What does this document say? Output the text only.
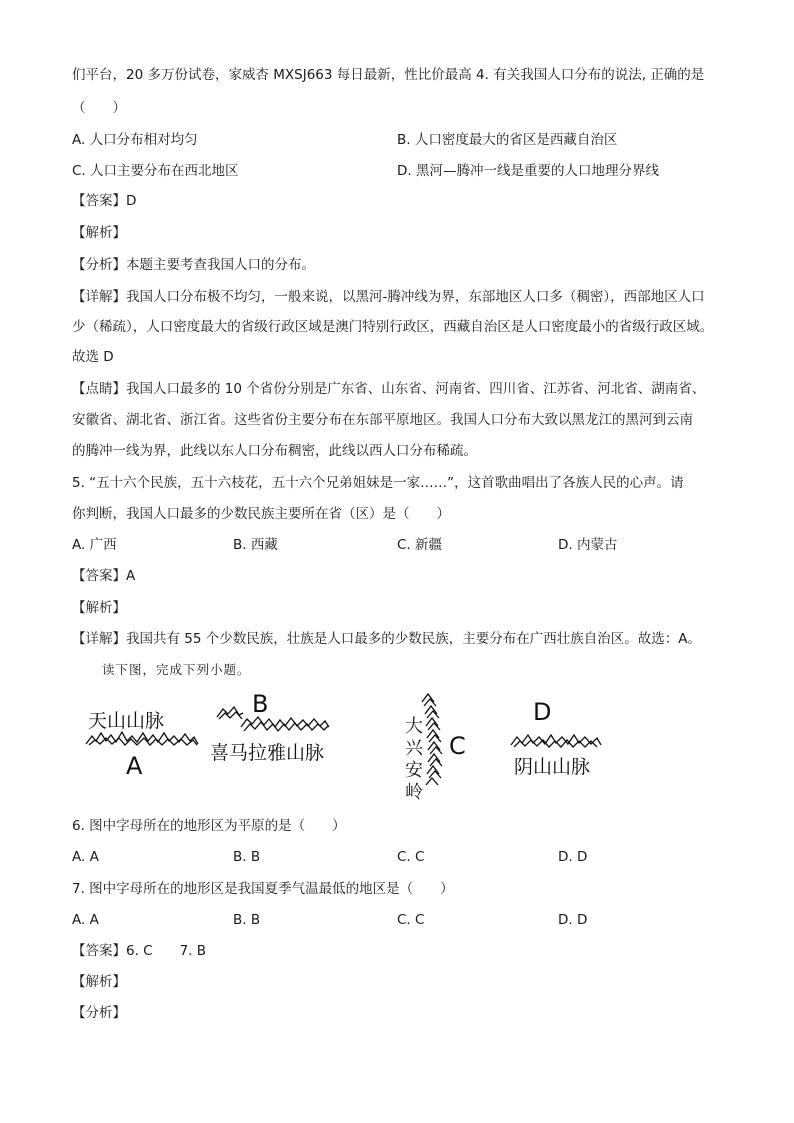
们平台，20 多万份试卷，家威杏 MXSJ663 每日最新，性比价最高 4. 有关我国人口分布的说法, 正确的是
（　　）
A. 人口分布相对均匀	B. 人口密度最大的省区是西藏自治区
C. 人口主要分布在西北地区	D. 黑河—腾冲一线是重要的人口地理分界线
【答案】D
【解析】
【分析】本题主要考查我国人口的分布。
【详解】我国人口分布极不均匀，一般来说，以黑河-腾冲线为界，东部地区人口多（稠密），西部地区人口
少（稀疏），人口密度最大的省级行政区域是澳门特别行政区，西藏自治区是人口密度最小的省级行政区域。
故选 D
【点睛】我国人口最多的 10 个省份分别是广东省、山东省、河南省、四川省、江苏省、河北省、湖南省、
安徽省、湖北省、浙江省。这些省份主要分布在东部平原地区。我国人口分布大致以黑龙江的黑河到云南
的腾冲一线为界，此线以东人口分布稠密，此线以西人口分布稀疏。
5. “五十六个民族，五十六枝花，五十六个兄弟姐妹是一家……”，这首歌曲唱出了各族人民的心声。请
你判断，我国人口最多的少数民族主要所在省（区）是（　　）
A. 广西	B. 西藏	C. 新疆	D. 内蒙古
【答案】A
【解析】
【详解】我国共有 55 个少数民族，壮族是人口最多的少数民族，主要分布在广西壮族自治区。故选：A。
读下图，完成下列小题。
天山山脉
A
B
喜马拉雅山脉
大
兴
安
岭
C
D
阴山山脉
6. 图中字母所在的地形区为平原的是（　　）
A. A	B. B	C. C	D. D
7. 图中字母所在的地形区是我国夏季气温最低的地区是（　　）
A. A	B. B	C. C	D. D
【答案】6. C　　7. B
【解析】
【分析】
